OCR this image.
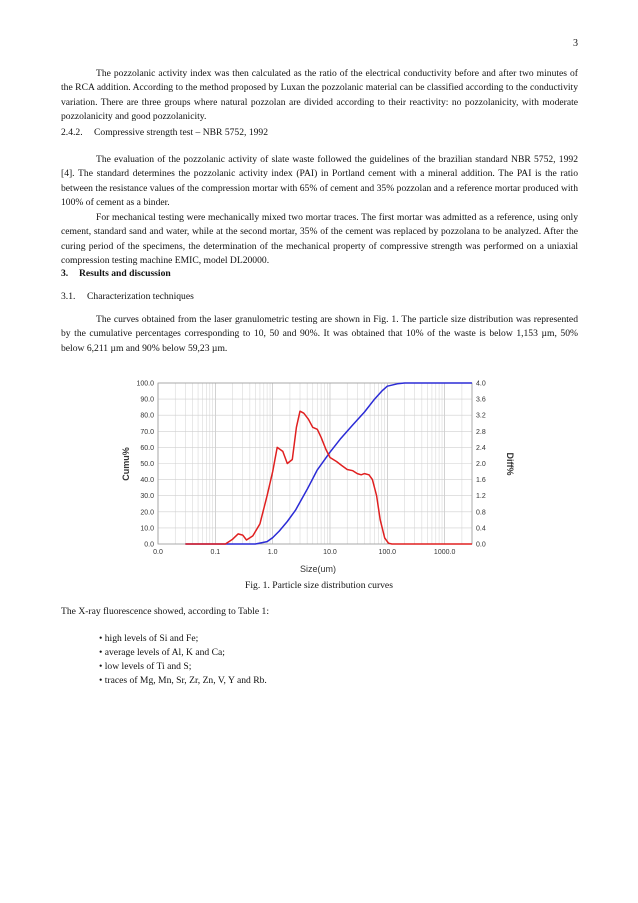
3

The pozzolanic activity index was then calculated as the ratio of the electrical conductivity before and after two minutes of the RCA addition. According to the method proposed by Luxan the pozzolanic material can be classified according to the conductivity variation. There are three groups where natural pozzolan are divided according to their reactivity: no pozzolanicity, with moderate pozzolanicity and good pozzolanicity.

2.4.2. Compressive strength test – NBR 5752, 1992

The evaluation of the pozzolanic activity of slate waste followed the guidelines of the brazilian standard NBR 5752, 1992 [4]. The standard determines the pozzolanic activity index (PAI) in Portland cement with a mineral addition. The PAI is the ratio between the resistance values of the compression mortar with 65% of cement and 35% pozzolan and a reference mortar produced with 100% of cement as a binder.

For mechanical testing were mechanically mixed two mortar traces. The first mortar was admitted as a reference, using only cement, standard sand and water, while at the second mortar, 35% of the cement was replaced by pozzolana to be analyzed. After the curing period of the specimens, the determination of the mechanical property of compressive strength was performed on a uniaxial compression testing machine EMIC, model DL20000.

3. Results and discussion
3.1. Characterization techniques

The curves obtained from the laser granulometric testing are shown in Fig. 1. The particle size distribution was represented by the cumulative percentages corresponding to 10, 50 and 90%. It was obtained that 10% of the waste is below 1,153 µm, 50% below 6,211 µm and 90% below 59,23 µm.

0.0	0.1	1.0	10.0	100.0	1000.0
0.0
10.0
20.0
30.0
40.0
50.0
60.0
70.0
80.0
90.0
100.0
0.0
0.4
0.8
1.2
1.6
2.0
2.4
2.8
3.2
3.6
4.0
Size(um)
Cumu%	Diff%
Fig. 1. Particle size distribution curves

The X-ray fluorescence showed, according to Table 1:

• high levels of Si and Fe;
• average levels of Al, K and Ca;
• low levels of Ti and S;
• traces of Mg, Mn, Sr, Zr, Zn, V, Y and Rb.
